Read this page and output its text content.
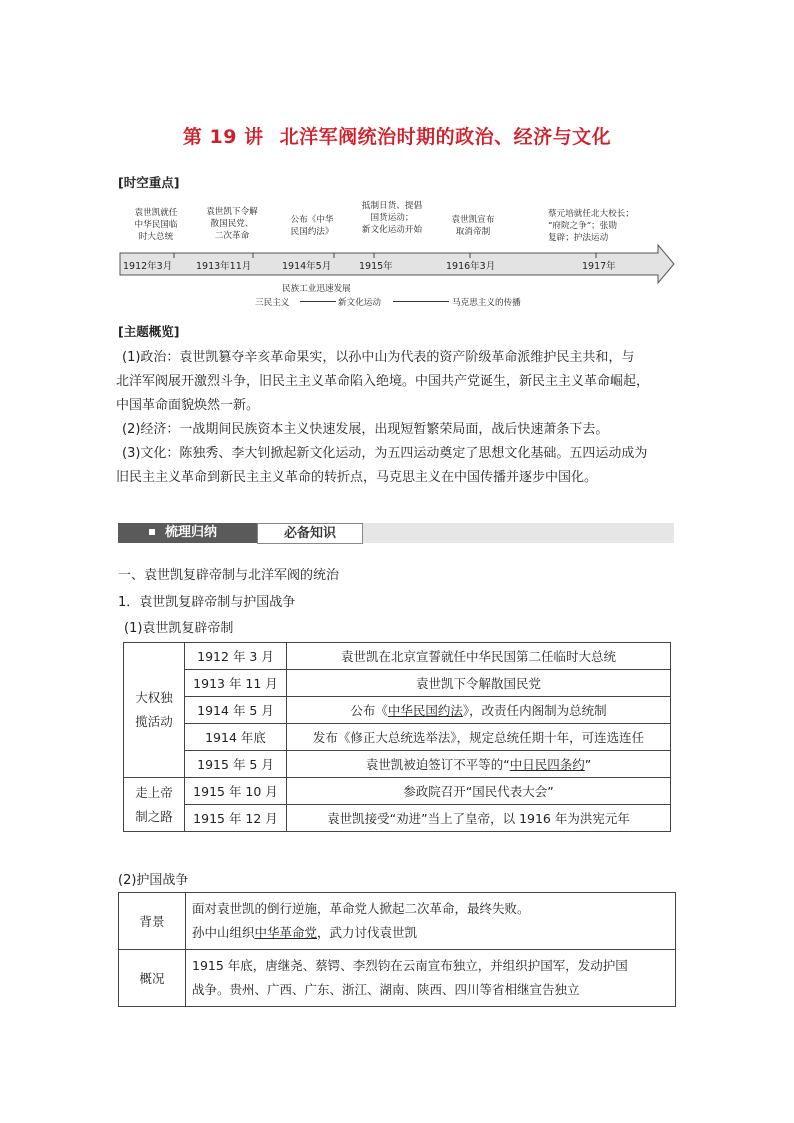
第 19 讲 北洋军阀统治时期的政治、经济与文化
[时空重点]
袁世凯就任
中华民国临
时大总统
袁世凯下令解
散国民党、
二次革命
公布《中华
民国约法》
抵制日货、提倡
国货运动；
新文化运动开始
袁世凯宣布
取消帝制
蔡元培就任北大校长；
“府院之争”；张勋
复辟；护法运动
1912年3月	1913年11月	1914年5月	1915年	1916年3月	1917年
民族工业迅速发展
三民主义	新文化运动	马克思主义的传播
[主题概览]
(1)政治：袁世凯篡夺辛亥革命果实，以孙中山为代表的资产阶级革命派维护民主共和，与
北洋军阀展开激烈斗争，旧民主主义革命陷入绝境。中国共产党诞生，新民主主义革命崛起，
中国革命面貌焕然一新。
(2)经济：一战期间民族资本主义快速发展，出现短暂繁荣局面，战后快速萧条下去。
(3)文化：陈独秀、李大钊掀起新文化运动，为五四运动奠定了思想文化基础。五四运动成为
旧民主主义革命到新民主主义革命的转折点，马克思主义在中国传播并逐步中国化。
梳理归纳	必备知识
一、袁世凯复辟帝制与北洋军阀的统治
1．袁世凯复辟帝制与护国战争
(1)袁世凯复辟帝制
大权独揽活动	1912 年 3 月	袁世凯在北京宣誓就任中华民国第二任临时大总统
	1913 年 11 月	袁世凯下令解散国民党
	1914 年 5 月	公布《中华民国约法》，改责任内阁制为总统制
	1914 年底	发布《修正大总统选举法》，规定总统任期十年，可连选连任
	1915 年 5 月	袁世凯被迫签订不平等的“中日民四条约”
走上帝制之路	1915 年 10 月	参政院召开“国民代表大会”
	1915 年 12 月	袁世凯接受“劝进”当上了皇帝，以 1916 年为洪宪元年
(2)护国战争
背景	面对袁世凯的倒行逆施，革命党人掀起二次革命，最终失败。
孙中山组织中华革命党，武力讨伐袁世凯

概况	1915 年底，唐继尧、蔡锷、李烈钧在云南宣布独立，并组织护国军，发动护国
战争。贵州、广西、广东、浙江、湖南、陕西、四川等省相继宣告独立
